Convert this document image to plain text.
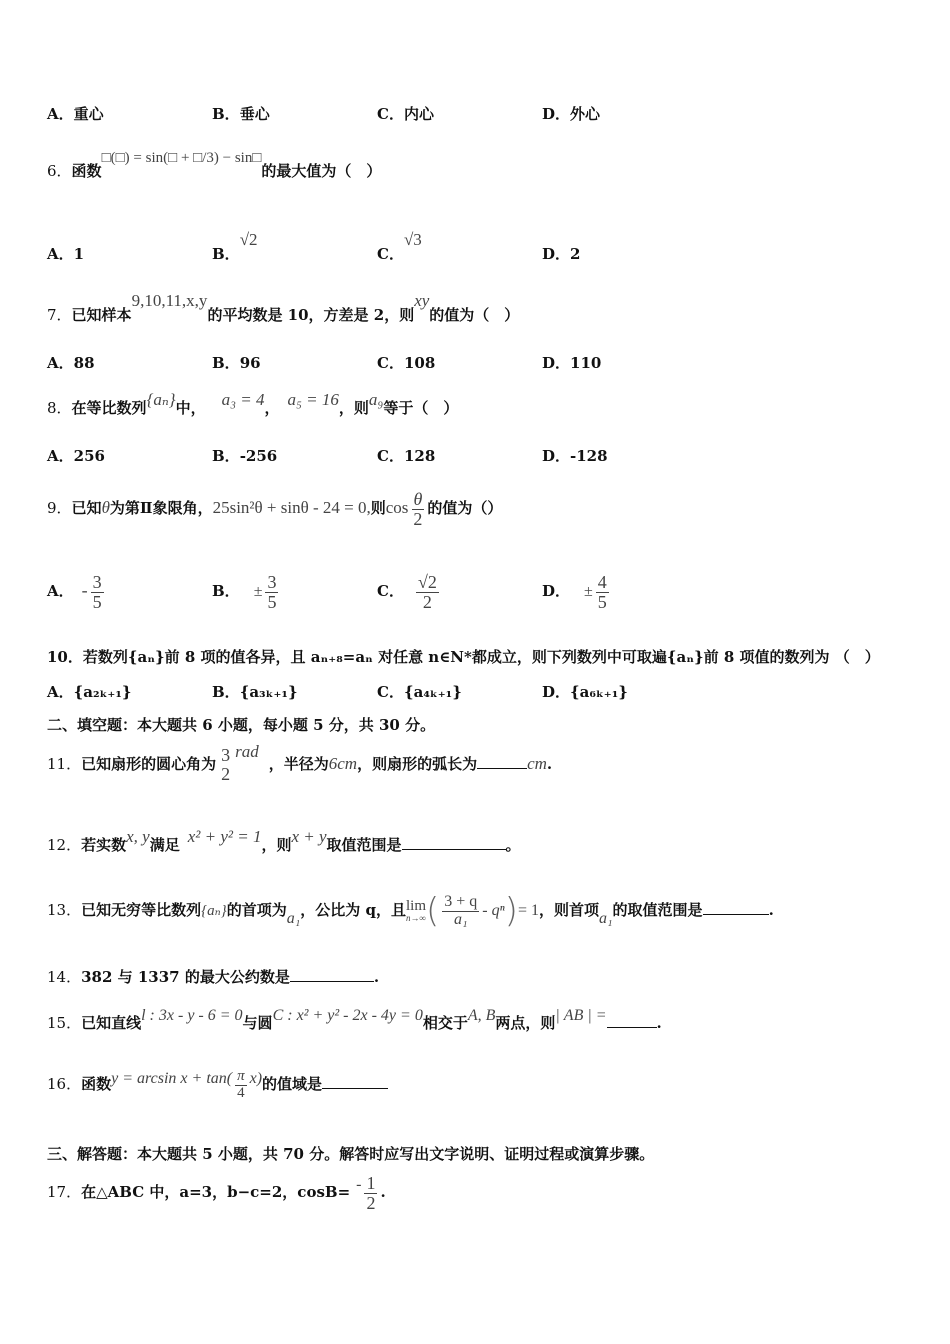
A．重心	B．垂心	C．内心	D．外心
6．函数□(□) = sin(□ + □/3) − sin□的最大值为（　）
A．1	B．√2
C．√3
D．2
7．已知样本9,10,11,x,y的平均数是 10，方差是 2，则xy的值为（　）
A．88	B．96	C．108	D．110
8．在等比数列{aₙ}中， a₃ = 4， a₅ = 16，则a₉等于（　）
A．256	B．-256	C．128	D．-128
9．已知θ为第Ⅱ象限角，25sin²θ + sinθ - 24 = 0,则$\cos \frac{\theta}{2}$ 的值为（）
A． - $\frac{3}{5}$	B． ± $\frac{3}{5}$	C． $\frac{√2}{2}$	D． ± $\frac{4}{5}$
10．若数列{aₙ}前 8 项的值各异，且 aₙ₊₈=aₙ 对任意 n∈N*都成立，则下列数列中可取遍{aₙ}前 8 项值的数列为 （　）
A．{a₂ₖ₊₁}	B．{a₃ₖ₊₁}	C．{a₄ₖ₊₁}	D．{a₆ₖ₊₁}
二、填空题：本大题共 6 小题，每小题 5 分，共 30 分。
11．已知扇形的圆心角为 3
2
rad，半径为6cm，则扇形的弧长为	cm.
12．若实数x, y满足 x² + y² = 1，则x + y取值范围是	。
13．已知无穷等比数列{aₙ}的首项为a₁，公比为 q，且 lim
n→∞ ( $\frac{3 + q}{\text{a₁}} - q^n)= 1$，则首项a₁的取值范围是	.
14．382 与 1337 的最大公约数是	.
15．已知直线l : 3x - y - 6 = 0与圆C : x² + y² - 2x - 4y = 0相交于A, B两点，则| AB | =	.
16．函数$y = \arcsin x + \tan( \frac{\pi}{4} x)$的值域是
三、解答题：本大题共 5 小题，共 70 分。解答时应写出文字说明、证明过程或演算步骤。
17．在△ABC 中，a=3，b−c=2，$\cos B= - \frac{1}{2}$ .
